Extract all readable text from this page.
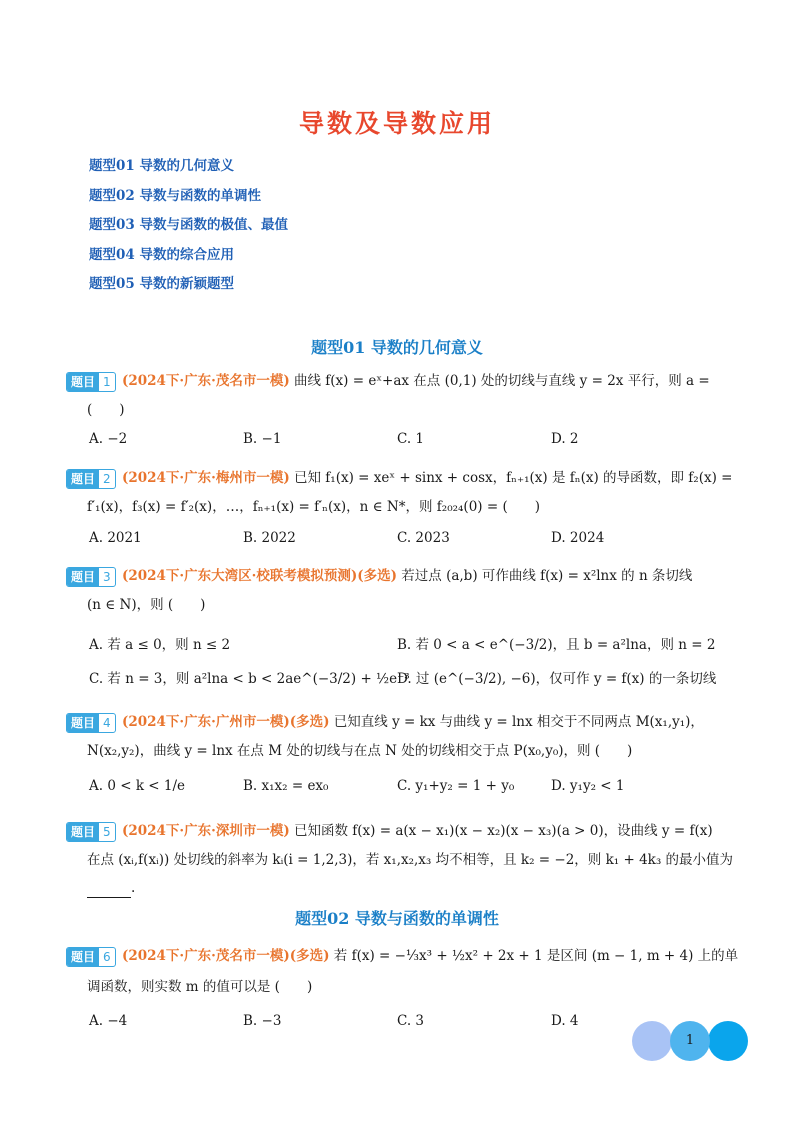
导数及导数应用
题型01 导数的几何意义
题型02 导数与函数的单调性
题型03 导数与函数的极值、最值
题型04 导数的综合应用
题型05 导数的新颖题型
题型01 导数的几何意义
题目 1 (2024下·广东·茂名市一模) 曲线 f(x) = eˣ+ax 在点 (0,1) 处的切线与直线 y = 2x 平行，则 a =
(　　)
A. −2	B. −1	C. 1	D. 2
题目 2 (2024下·广东·梅州市一模) 已知 f₁(x) = xeˣ + sinx + cosx，fₙ₊₁(x) 是 fₙ(x) 的导函数，即 f₂(x) =
f′₁(x)，f₃(x) = f′₂(x)，…，fₙ₊₁(x) = f′ₙ(x)，n ∈ N*，则 f₂₀₂₄(0) = (　　)
A. 2021	B. 2022	C. 2023	D. 2024
题目 3 (2024下·广东大湾区·校联考模拟预测)(多选) 若过点 (a,b) 可作曲线 f(x) = x²lnx 的 n 条切线
(n ∈ N)，则 (　　)
A. 若 a ≤ 0，则 n ≤ 2	B. 若 0 < a < e^(−3/2)，且 b = a²lna，则 n = 2
C. 若 n = 3，则 a²lna < b < 2ae^(−3/2) + ½e⁻³
D. 过 (e^(−3/2), −6)，仅可作 y = f(x) 的一条切线
题目 4 (2024下·广东·广州市一模)(多选) 已知直线 y = kx 与曲线 y = lnx 相交于不同两点 M(x₁,y₁)，
N(x₂,y₂)，曲线 y = lnx 在点 M 处的切线与在点 N 处的切线相交于点 P(x₀,y₀)，则 (　　)
A. 0 < k < 1/e	B. x₁x₂ = ex₀	C. y₁+y₂ = 1 + y₀	D. y₁y₂ < 1
题目 5 (2024下·广东·深圳市一模) 已知函数 f(x) = a(x − x₁)(x − x₂)(x − x₃)(a > 0)，设曲线 y = f(x)
在点 (xᵢ,f(xᵢ)) 处切线的斜率为 kᵢ(i = 1,2,3)，若 x₁,x₂,x₃ 均不相等，且 k₂ = −2，则 k₁ + 4k₃ 的最小值为
.
题型02 导数与函数的单调性
题目 6 (2024下·广东·茂名市一模)(多选) 若 f(x) = −⅓x³ + ½x² + 2x + 1 是区间 (m − 1, m + 4) 上的单
调函数，则实数 m 的值可以是 (　　)
A. −4	B. −3	C. 3	D. 4
1
